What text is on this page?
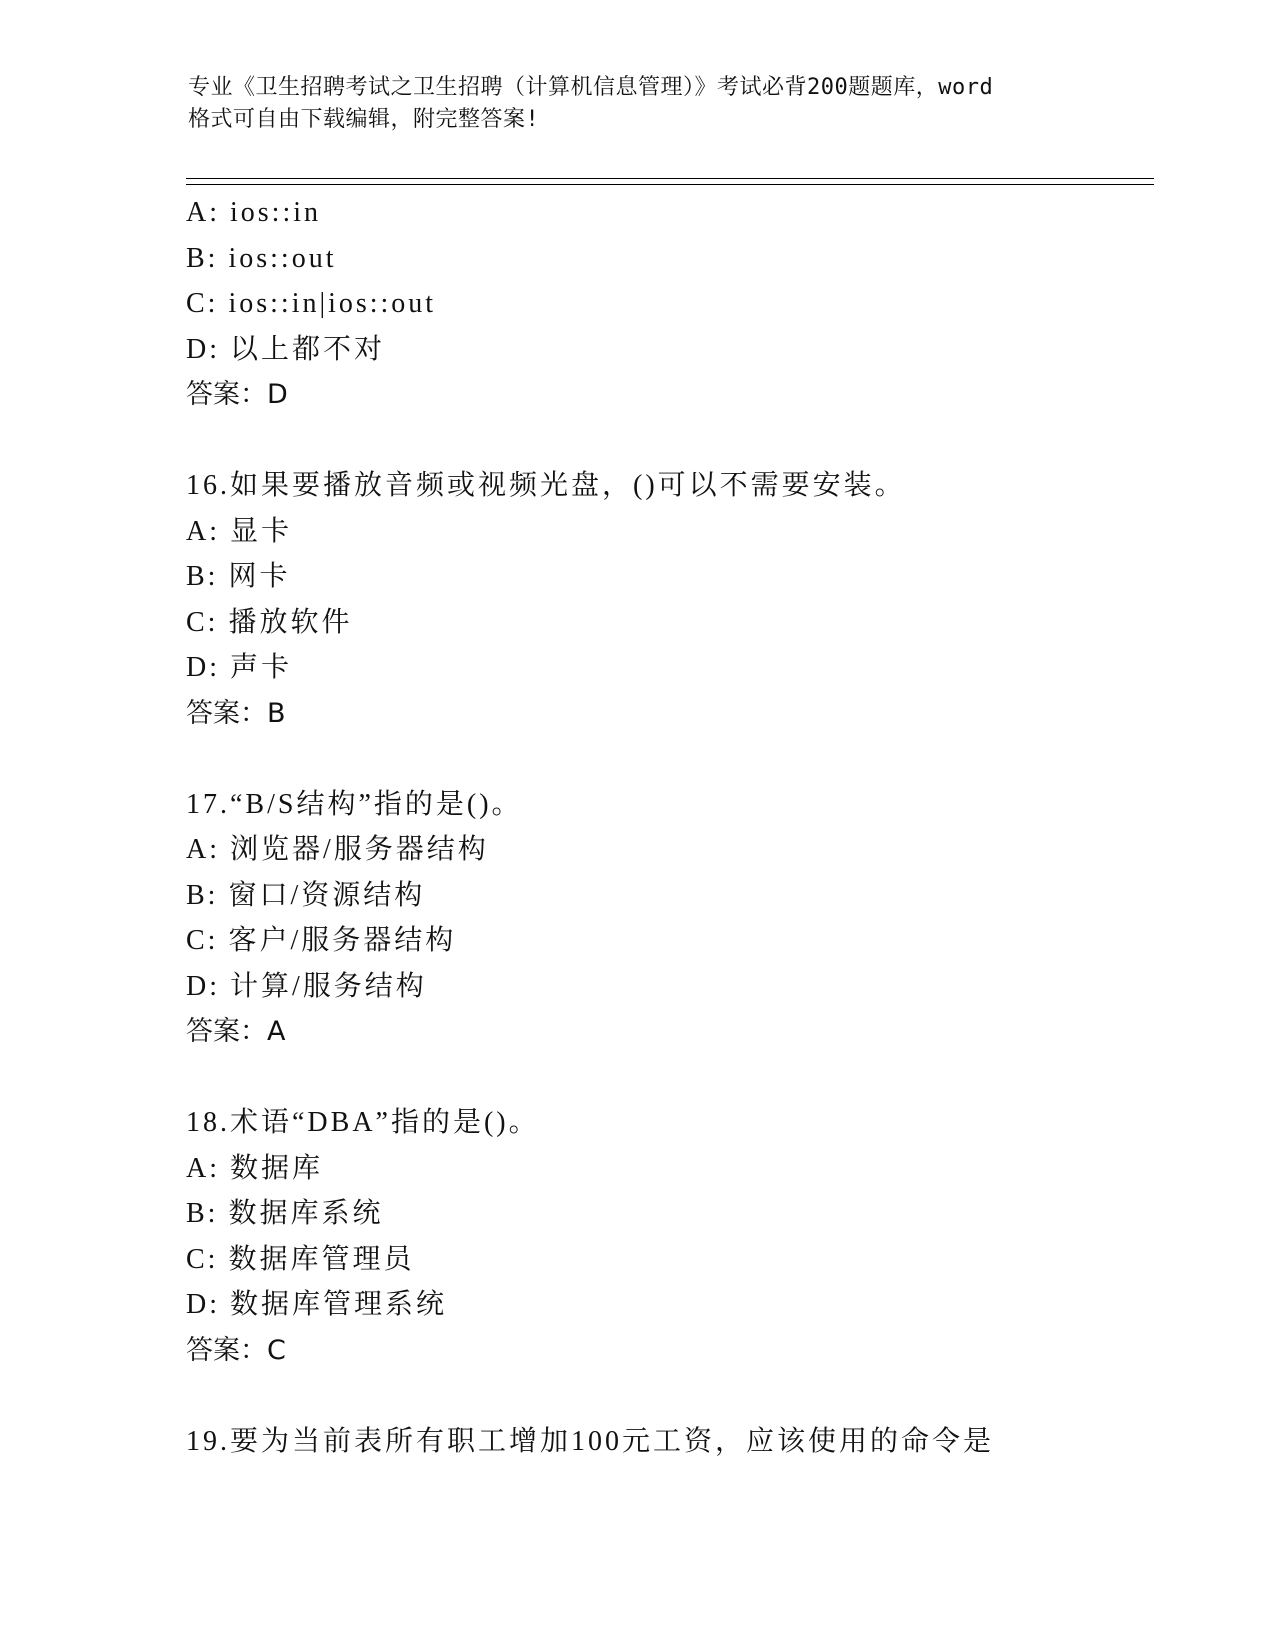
专业《卫生招聘考试之卫生招聘（计算机信息管理）》考试必背200题题库，word
格式可自由下载编辑，附完整答案!
A: ios::in
B: ios::out
C: ios::in|ios::out
D: 以上都不对
答案：D
16.如果要播放音频或视频光盘，()可以不需要安装。
A: 显卡
B: 网卡
C: 播放软件
D: 声卡
答案：B
17.“B/S结构”指的是()。
A: 浏览器/服务器结构
B: 窗口/资源结构
C: 客户/服务器结构
D: 计算/服务结构
答案：A
18.术语“DBA”指的是()。
A: 数据库
B: 数据库系统
C: 数据库管理员
D: 数据库管理系统
答案：C
19.要为当前表所有职工增加100元工资，应该使用的命令是
